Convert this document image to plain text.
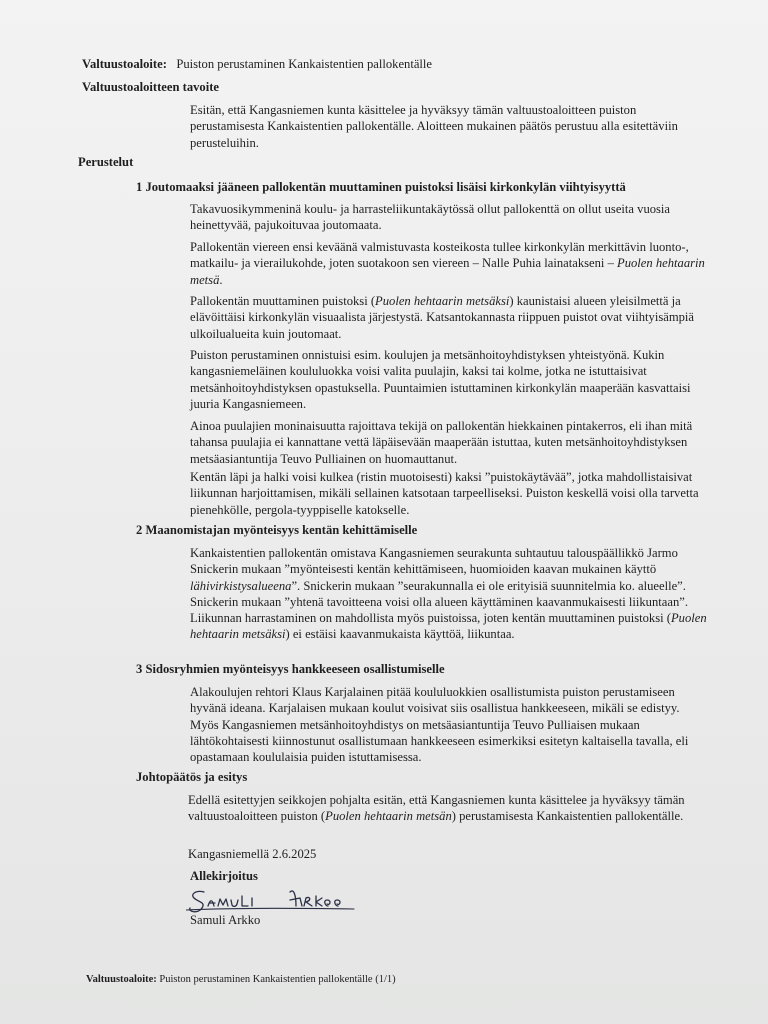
Valtuustoaloite: Puiston perustaminen Kankaistentien pallokentälle

Valtuustoaloitteen tavoite

Esitän, että Kangasniemen kunta käsittelee ja hyväksyy tämän valtuustoaloitteen puiston perustamisesta Kankaistentien pallokentälle. Aloitteen mukainen päätös perustuu alla esitettäviin perusteluihin.

Perustelut

1 Joutomaaksi jääneen pallokentän muuttaminen puistoksi lisäisi kirkonkylän viihtyisyyttä

Takavuosikymmeninä koulu- ja harrasteliikuntakäytössä ollut pallokenttä on ollut useita vuosia heinettyvää, pajukoituvaa joutomaata.

Pallokentän viereen ensi keväänä valmistuvasta kosteikosta tullee kirkonkylän merkittävin luonto-, matkailu- ja vierailukohde, joten suotakoon sen viereen – Nalle Puhia lainatakseni – Puolen hehtaarin metsä.

Pallokentän muuttaminen puistoksi (Puolen hehtaarin metsäksi) kaunistaisi alueen yleisilmettä ja elävöittäisi kirkonkylän visuaalista järjestystä. Katsantokannasta riippuen puistot ovat viihtyisämpiä ulkoilualueita kuin joutomaat.

Puiston perustaminen onnistuisi esim. koulujen ja metsänhoitoyhdistyksen yhteistyönä. Kukin kangasniemeläinen koululuokka voisi valita puulajin, kaksi tai kolme, jotka ne istuttaisivat metsänhoitoyhdistyksen opastuksella. Puuntaimien istuttaminen kirkonkylän maaperään kasvattaisi juuria Kangasniemeen.

Ainoa puulajien moninaisuutta rajoittava tekijä on pallokentän hiekkainen pintakerros, eli ihan mitä tahansa puulajia ei kannattane vettä läpäisevään maaperään istuttaa, kuten metsänhoitoyhdistyksen metsäasiantuntija Teuvo Pulliainen on huomauttanut.

Kentän läpi ja halki voisi kulkea (ristin muotoisesti) kaksi ”puistokäytävää”, jotka mahdollistaisivat liikunnan harjoittamisen, mikäli sellainen katsotaan tarpeelliseksi. Puiston keskellä voisi olla tarvetta pienehkölle, pergola-tyyppiselle katokselle.

2 Maanomistajan myönteisyys kentän kehittämiselle

Kankaistentien pallokentän omistava Kangasniemen seurakunta suhtautuu talouspäällikkö Jarmo Snickerin mukaan ”myönteisesti kentän kehittämiseen, huomioiden kaavan mukainen käyttö lähivirkistysalueena”. Snickerin mukaan ”seurakunnalla ei ole erityisiä suunnitelmia ko. alueelle”. Snickerin mukaan ”yhtenä tavoitteena voisi olla alueen käyttäminen kaavanmukaisesti liikuntaan”. Liikunnan harrastaminen on mahdollista myös puistoissa, joten kentän muuttaminen puistoksi (Puolen hehtaarin metsäksi) ei estäisi kaavanmukaista käyttöä, liikuntaa.

3 Sidosryhmien myönteisyys hankkeeseen osallistumiselle

Alakoulujen rehtori Klaus Karjalainen pitää koululuokkien osallistumista puiston perustamiseen hyvänä ideana. Karjalaisen mukaan koulut voisivat siis osallistua hankkeeseen, mikäli se edistyy. Myös Kangasniemen metsänhoitoyhdistys on metsäasiantuntija Teuvo Pulliaisen mukaan lähtökohtaisesti kiinnostunut osallistumaan hankkeeseen esimerkiksi esitetyn kaltaisella tavalla, eli opastamaan koululaisia puiden istuttamisessa.

Johtopäätös ja esitys

Edellä esitettyjen seikkojen pohjalta esitän, että Kangasniemen kunta käsittelee ja hyväksyy tämän valtuustoaloitteen puiston (Puolen hehtaarin metsän) perustamisesta Kankaistentien pallokentälle.

Kangasniemellä 2.6.2025

Allekirjoitus

Samuli Arkko

Valtuustoaloite: Puiston perustaminen Kankaistentien pallokentälle (1/1)
